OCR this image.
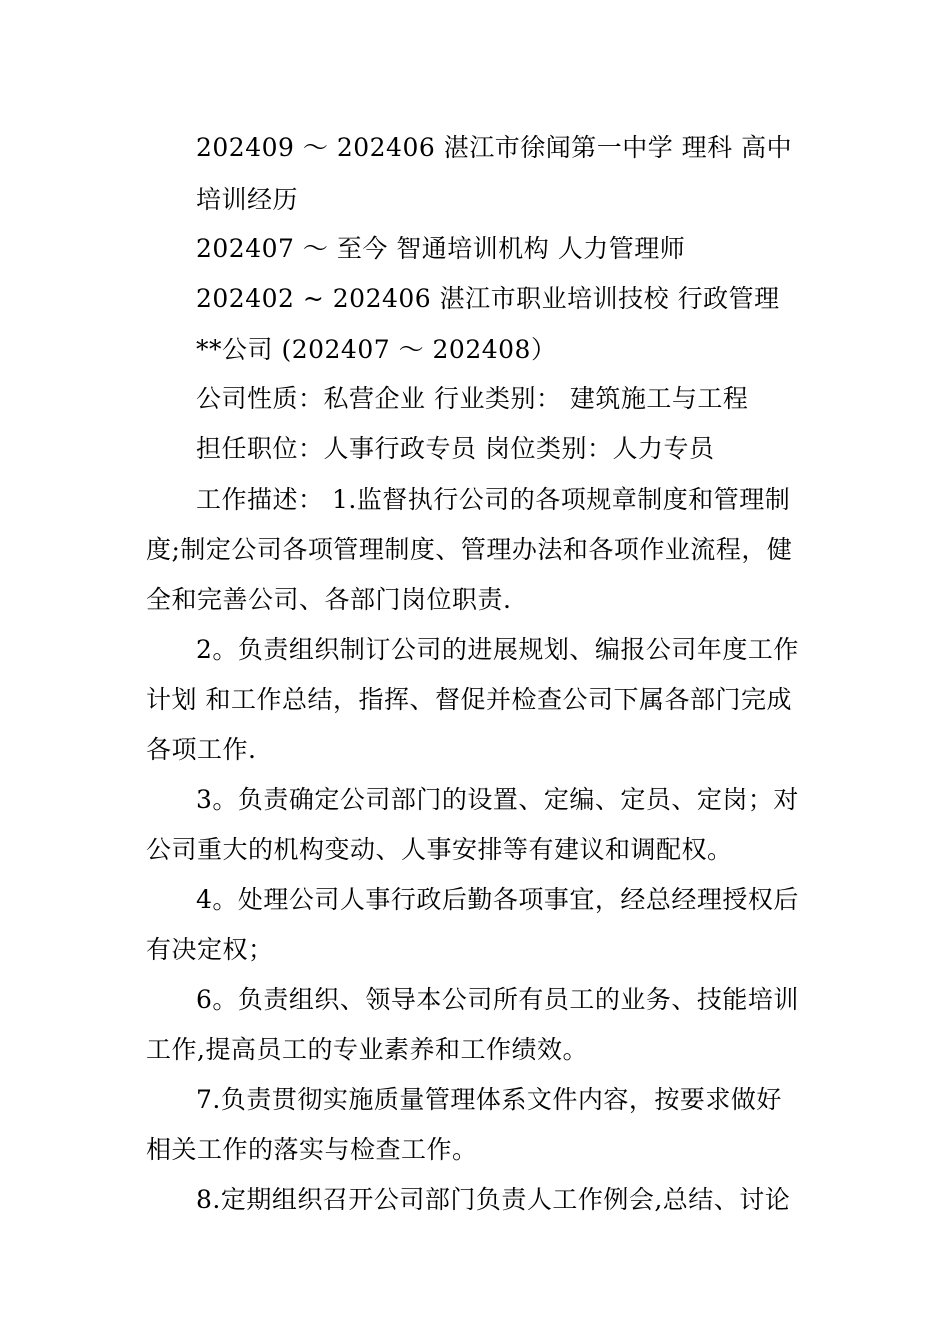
202409 ～ 202406 湛江市徐闻第一中学 理科 高中
培训经历
202407 ～ 至今 智通培训机构 人力管理师
202402 ~ 202406 湛江市职业培训技校 行政管理
**公司 (202407 ～ 202408）
公司性质：私营企业 行业类别： 建筑施工与工程
担任职位：人事行政专员 岗位类别：人力专员
工作描述： 1.监督执行公司的各项规章制度和管理制
度;制定公司各项管理制度、管理办法和各项作业流程，健
全和完善公司、各部门岗位职责.
2。负责组织制订公司的进展规划、编报公司年度工作
计划 和工作总结，指挥、督促并检查公司下属各部门完成
各项工作.
3。负责确定公司部门的设置、定编、定员、定岗；对
公司重大的机构变动、人事安排等有建议和调配权。
4。处理公司人事行政后勤各项事宜，经总经理授权后
有决定权；
6。负责组织、领导本公司所有员工的业务、技能培训
工作,提高员工的专业素养和工作绩效。
7.负责贯彻实施质量管理体系文件内容，按要求做好
相关工作的落实与检查工作。
8.定期组织召开公司部门负责人工作例会,总结、讨论
